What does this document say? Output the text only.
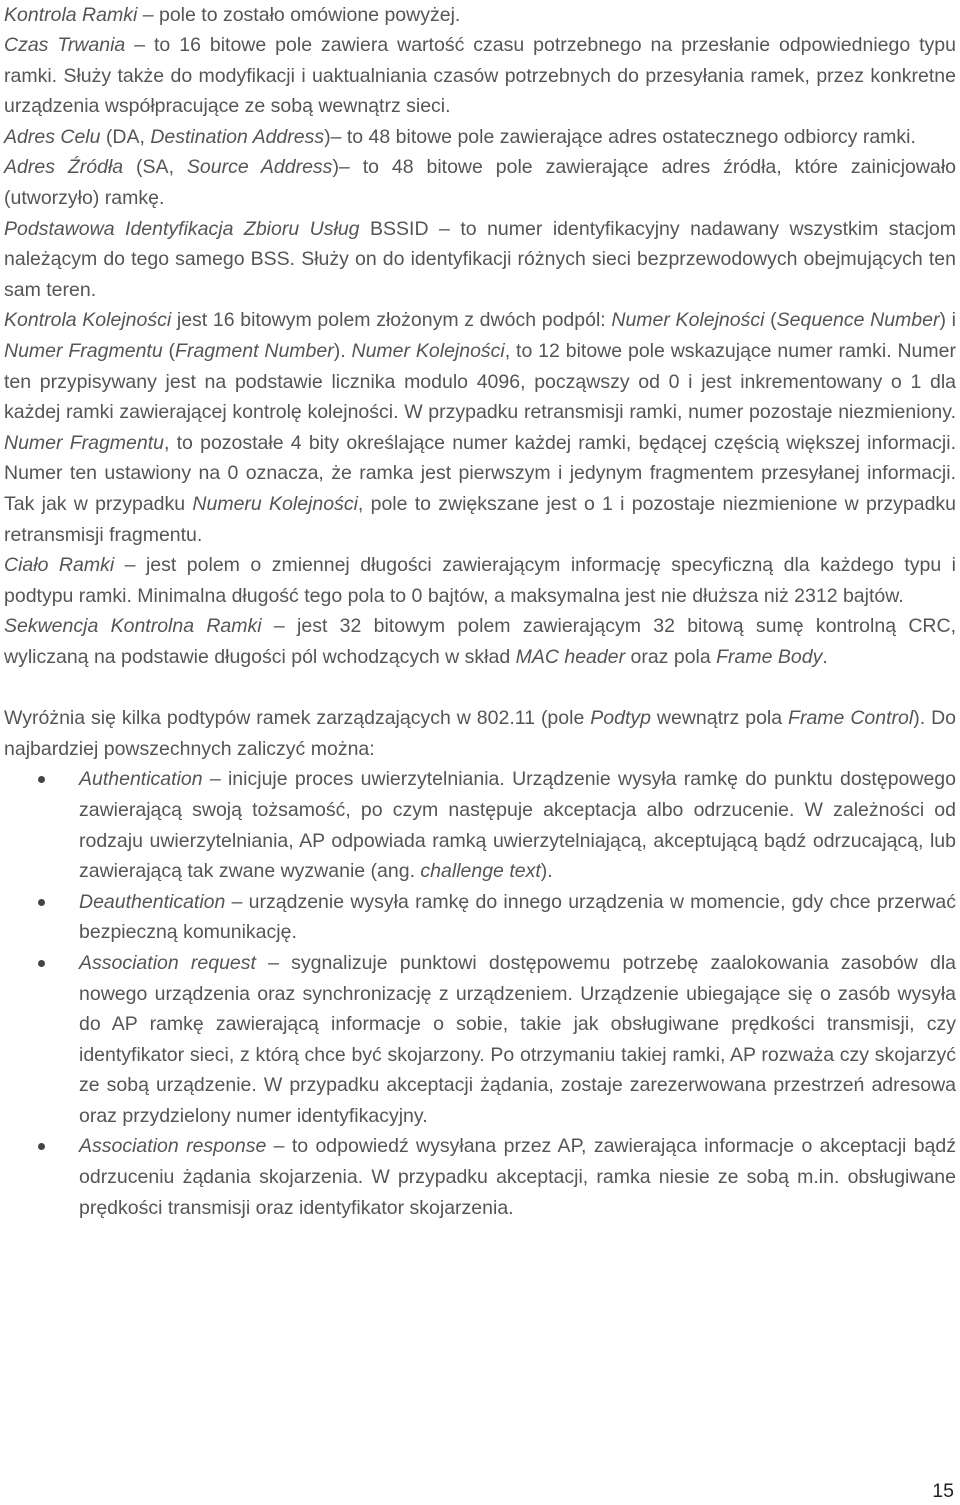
Kontrola Ramki – pole to zostało omówione powyżej.

Czas Trwania – to 16 bitowe pole zawiera wartość czasu potrzebnego na przesłanie odpowiedniego typu ramki. Służy także do modyfikacji i uaktualniania czasów potrzebnych do przesyłania ramek, przez konkretne urządzenia współpracujące ze sobą wewnątrz sieci.

Adres Celu (DA, Destination Address)– to 48 bitowe pole zawierające adres ostatecznego odbiorcy ramki.

Adres Źródła (SA, Source Address)– to 48 bitowe pole zawierające adres źródła, które zainicjowało (utworzyło) ramkę.

Podstawowa Identyfikacja Zbioru Usług BSSID – to numer identyfikacyjny nadawany wszystkim stacjom należącym do tego samego BSS. Służy on do identyfikacji różnych sieci bezprzewodowych obejmujących ten sam teren.

Kontrola Kolejności jest 16 bitowym polem złożonym z dwóch podpól: Numer Kolejności (Sequence Number) i Numer Fragmentu (Fragment Number). Numer Kolejności, to 12 bitowe pole wskazujące numer ramki. Numer ten przypisywany jest na podstawie licznika modulo 4096, począwszy od 0 i jest inkrementowany o 1 dla każdej ramki zawierającej kontrolę kolejności. W przypadku retransmisji ramki, numer pozostaje niezmieniony. Numer Fragmentu, to pozostałe 4 bity określające numer każdej ramki, będącej częścią większej informacji. Numer ten ustawiony na 0 oznacza, że ramka jest pierwszym i jedynym fragmentem przesyłanej informacji. Tak jak w przypadku Numeru Kolejności, pole to zwiększane jest o 1 i pozostaje niezmienione w przypadku retransmisji fragmentu.

Ciało Ramki – jest polem o zmiennej długości zawierającym informację specyficzną dla każdego typu i podtypu ramki. Minimalna długość tego pola to 0 bajtów, a maksymalna jest nie dłuższa niż 2312 bajtów.

Sekwencja Kontrolna Ramki – jest 32 bitowym polem zawierającym 32 bitową sumę kontrolną CRC, wyliczaną na podstawie długości pól wchodzących w skład MAC header oraz pola Frame Body.

Wyróżnia się kilka podtypów ramek zarządzających w 802.11 (pole Podtyp wewnątrz pola Frame Control). Do najbardziej powszechnych zaliczyć można:

Authentication – inicjuje proces uwierzytelniania. Urządzenie wysyła ramkę do punktu dostępowego zawierającą swoją tożsamość, po czym następuje akceptacja albo odrzucenie. W zależności od rodzaju uwierzytelniania, AP odpowiada ramką uwierzytelniającą, akceptującą bądź odrzucającą, lub zawierającą tak zwane wyzwanie (ang. challenge text).
Deauthentication – urządzenie wysyła ramkę do innego urządzenia w momencie, gdy chce przerwać bezpieczną komunikację.
Association request – sygnalizuje punktowi dostępowemu potrzebę zaalokowania zasobów dla nowego urządzenia oraz synchronizację z urządzeniem. Urządzenie ubiegające się o zasób wysyła do AP ramkę zawierającą informacje o sobie, takie jak obsługiwane prędkości transmisji, czy identyfikator sieci, z którą chce być skojarzony. Po otrzymaniu takiej ramki, AP rozważa czy skojarzyć ze sobą urządzenie. W przypadku akceptacji żądania, zostaje zarezerwowana przestrzeń adresowa oraz przydzielony numer identyfikacyjny.
Association response – to odpowiedź wysyłana przez AP, zawierająca informacje o akceptacji bądź odrzuceniu żądania skojarzenia. W przypadku akceptacji, ramka niesie ze sobą m.in. obsługiwane prędkości transmisji oraz identyfikator skojarzenia.
15
